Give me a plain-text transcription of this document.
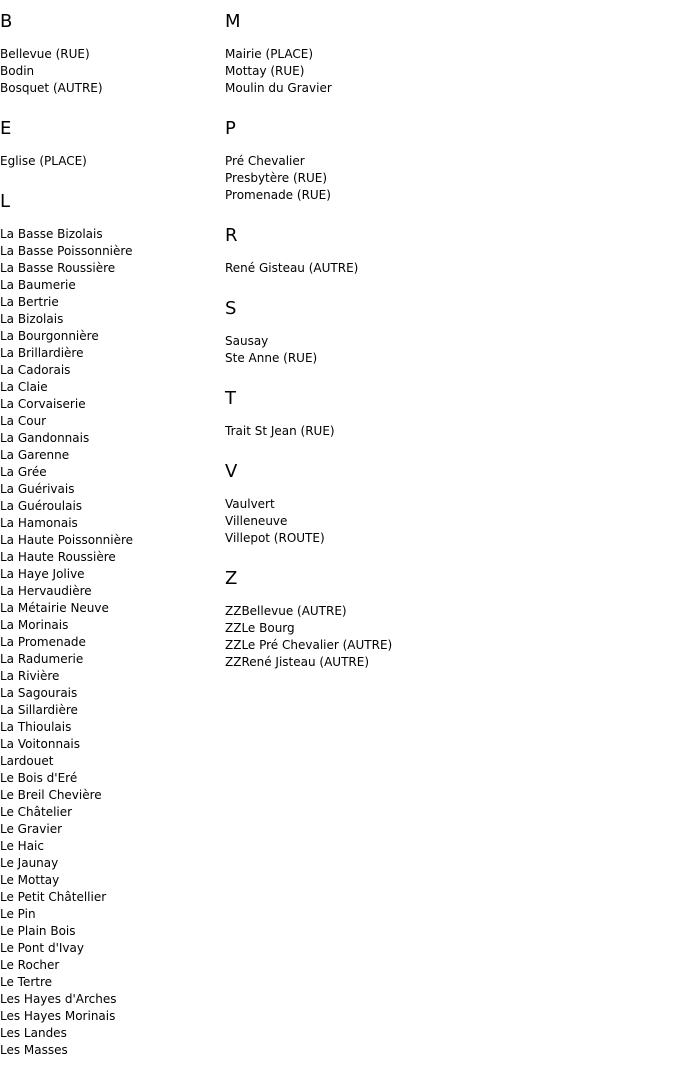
B
Bellevue (RUE)
Bodin
Bosquet (AUTRE)
E
Eglise (PLACE)
L
La Basse Bizolais
La Basse Poissonnière
La Basse Roussière
La Baumerie
La Bertrie
La Bizolais
La Bourgonnière
La Brillardière
La Cadorais
La Claie
La Corvaiserie
La Cour
La Gandonnais
La Garenne
La Grée
La Guérivais
La Guéroulais
La Hamonais
La Haute Poissonnière
La Haute Roussière
La Haye Jolive
La Hervaudière
La Métairie Neuve
La Morinais
La Promenade
La Radumerie
La Rivière
La Sagourais
La Sillardière
La Thioulais
La Voitonnais
Lardouet
Le Bois d'Eré
Le Breil Chevière
Le Châtelier
Le Gravier
Le Haic
Le Jaunay
Le Mottay
Le Petit Châtellier
Le Pin
Le Plain Bois
Le Pont d'Ivay
Le Rocher
Le Tertre
Les Hayes d'Arches
Les Hayes Morinais
Les Landes
Les Masses
M
Mairie (PLACE)
Mottay (RUE)
Moulin du Gravier
P
Pré Chevalier
Presbytère (RUE)
Promenade (RUE)
R
René Gisteau (AUTRE)
S
Sausay
Ste Anne (RUE)
T
Trait St Jean (RUE)
V
Vaulvert
Villeneuve
Villepot (ROUTE)
Z
ZZBellevue (AUTRE)
ZZLe Bourg
ZZLe Pré Chevalier (AUTRE)
ZZRené Jisteau (AUTRE)
